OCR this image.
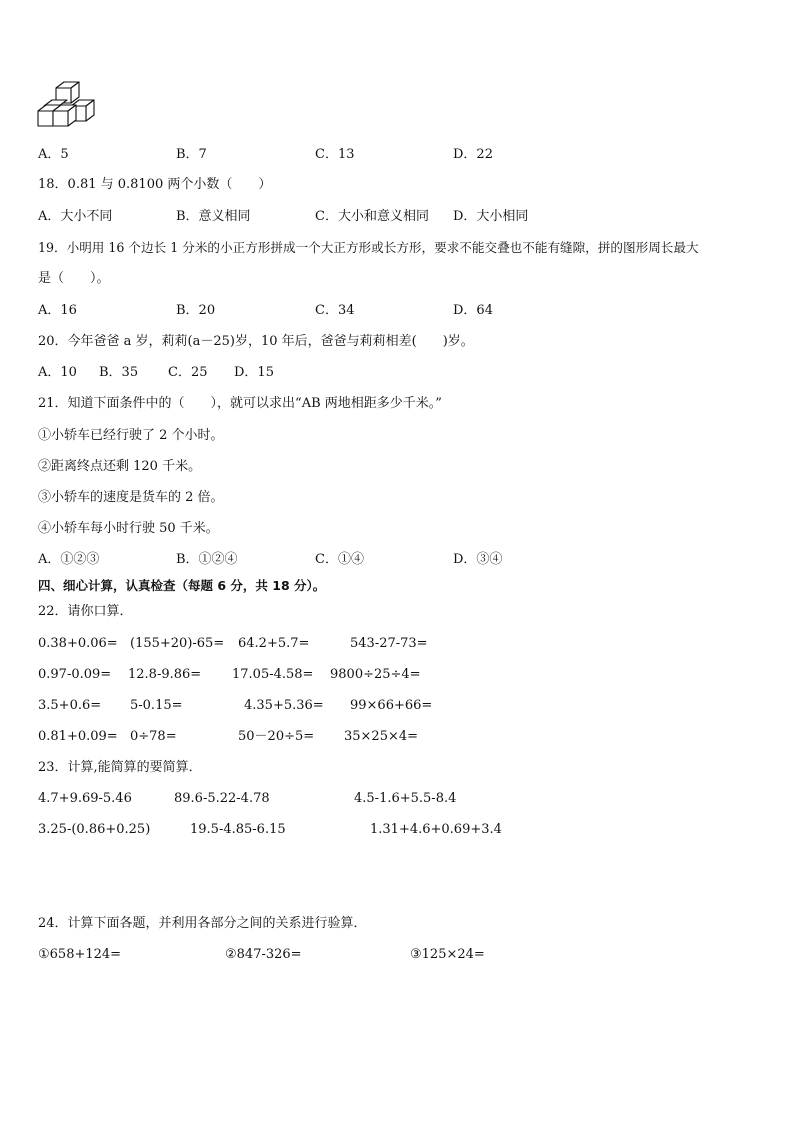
A．5	B．7	C．13	D．22
18．0.81 与 0.8100 两个小数（　　）
A．大小不同	B．意义相同	C．大小和意义相同 D．大小相同
19．小明用 16 个边长 1 分米的小正方形拼成一个大正方形或长方形，要求不能交叠也不能有缝隙，拼的图形周长最大
是（　　）。
A．16	B．20	C．34	D．64
20．今年爸爸 a 岁，莉莉(a－25)岁，10 年后，爸爸与莉莉相差(　　)岁。
A．10 B．35 C．25 D．15
21．知道下面条件中的（　　），就可以求出“AB 两地相距多少千米。”
①小轿车已经行驶了 2 个小时。
②距离终点还剩 120 千米。
③小轿车的速度是货车的 2 倍。
④小轿车每小时行驶 50 千米。
A．①②③	B．①②④	C．①④	D．③④
四、细心计算，认真检查（每题 6 分，共 18 分）。
22．请你口算．
0.38+0.06= (155+20)-65= 64.2+5.7=	543-27-73=
0.97-0.09= 12.8-9.86= 17.05-4.58= 9800÷25÷4=
3.5+0.6= 5-0.15=	4.35+5.36= 99×66+66=
0.81+0.09= 0÷78=	50－20÷5= 35×25×4=
23．计算,能简算的要简算．
4.7+9.69-5.46	89.6-5.22-4.78	4.5-1.6+5.5-8.4
3.25-(0.86+0.25)	19.5-4.85-6.15	1.31+4.6+0.69+3.4
24．计算下面各题，并利用各部分之间的关系进行验算．
①658+124=	②847-326=	③125×24=
